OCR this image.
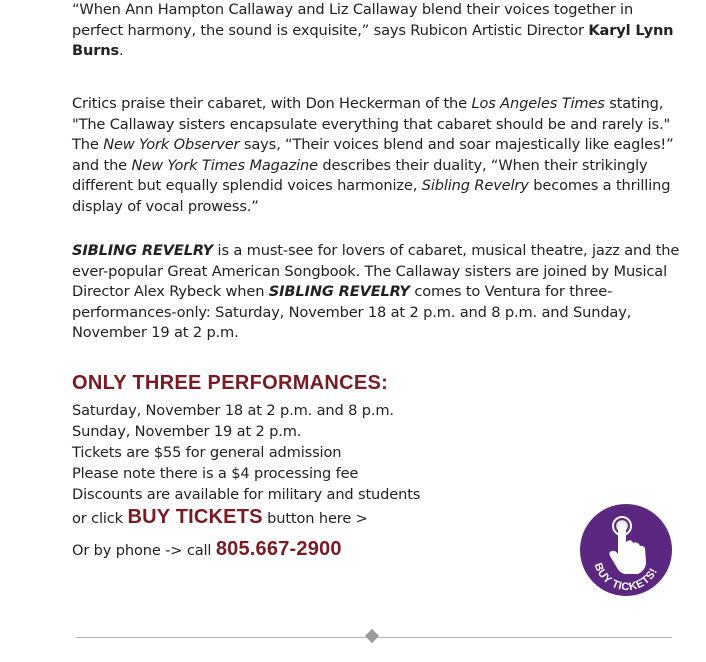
“When Ann Hampton Callaway and Liz Callaway blend their voices together in perfect harmony, the sound is exquisite,” says Rubicon Artistic Director Karyl Lynn Burns.

Critics praise their cabaret, with Don Heckerman of the Los Angeles Times stating, "The Callaway sisters encapsulate everything that cabaret should be and rarely is." The New York Observer says, “Their voices blend and soar majestically like eagles!” and the New York Times Magazine describes their duality, “When their strikingly different but equally splendid voices harmonize, Sibling Revelry becomes a thrilling display of vocal prowess.”

SIBLING REVELRY is a must-see for lovers of cabaret, musical theatre, jazz and the ever-popular Great American Songbook. The Callaway sisters are joined by Musical Director Alex Rybeck when SIBLING REVELRY comes to Ventura for three-performances-only: Saturday, November 18 at 2 p.m. and 8 p.m. and Sunday, November 19 at 2 p.m.

ONLY THREE PERFORMANCES:
Saturday, November 18 at 2 p.m. and 8 p.m.
Sunday, November 19 at 2 p.m.
Tickets are $55 for general admission
Please note there is a $4 processing fee
Discounts are available for military and students
or click BUY TICKETS button here >
Or by phone -> call 805.667-2900
BUY TICKETS!
